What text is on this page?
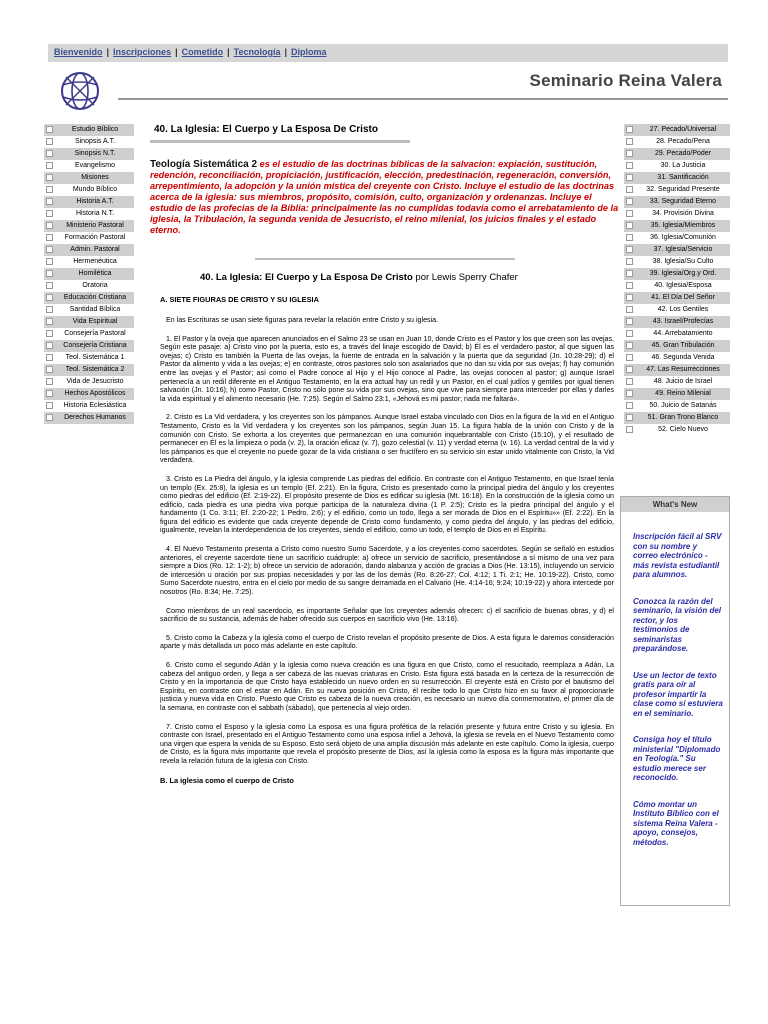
Bienvenido | Inscripciones | Cometido | Tecnología | Diploma
Seminario Reina Valera
Estudio Bíblico
Sinopsis A.T.
Sinopsis N.T.
Evangelismo
Misiones
Mundo Bíblico
Historia A.T.
Historia N.T.
Ministerio Pastoral
Formación Pastoral
Admin. Pastoral
Hermenéutica
Homilética
Oratoria
Educación Cristiana
Santidad Bíblica
Vida Espiritual
Consejería Pastoral
Consejería Cristiana
Teol. Sistemática 1
Teol. Sistemática 2
Vida de Jesucristo
Hechos Apostólicos
Historia Eclesiástica
Derechos Humanos
40. La Iglesia: El Cuerpo y La Esposa De Cristo
Teología Sistemática 2 es el estudio de las doctrinas bíblicas de la salvacion: expiación, sustitución, redención, reconciliación, propiciación, justificación, elección, predestinación, regeneración, conversión, arrepentimiento, la adopción y la unión mística del creyente con Cristo. Incluye el estudio de las doctrinas acerca de la iglesia: sus miembros, propósito, comisión, culto, organización y ordenanzas. Incluye el estudio de las profecías de la Biblia: principalmente las no cumplidas todavía como el arrebatamiento de la iglesia, la Tribulación, la segunda venida de Jesucristo, el reino milenial, los juicios finales y el estado eterno.
40. La Iglesia: El Cuerpo y La Esposa De Cristo por Lewis Sperry Chafer
A. SIETE FIGURAS DE CRISTO Y SU IGLESIA

En las Escrituras se usan siete figuras para revelar la relación entre Cristo y su iglesia.

1. El Pastor y la oveja que aparecen anunciados en el Salmo 23 se usan en Juan 10, donde Cristo es el Pastor y los que creen son las ovejas. Según este pasaje: a) Cristo vino por la puerta, esto es, a través del linaje escogido de David; b) Él es el verdadero pastor, al que siguen las ovejas; c) Cristo es también la Puerta de las ovejas, la fuente de entrada en la salvación y la puerta que da seguridad (Jn. 10:28-29); d) el Pastor da alimento y vida a las ovejas; e) en contraste, otros pastores solo son asalariados que no dan su vida por sus ovejas; f) hay comunión entre las ovejas y el Pastor; así como el Padre conoce al Hijo y el Hijo conoce al Padre, las ovejas conocen al pastor; g) aunque Israel pertenecía a un redil diferente en el Antiguo Testamento, en la era actual hay un redil y un Pastor, en el cual judíos y gentiles por igual tienen salvación (Jn. 10:16); h) como Pastor, Cristo no sólo pone su vida por sus ovejas, sino que vive para siempre para interceder por ellas y darles la vida espiritual y el alimento necesario (He. 7:25). Según el Salmo 23:1, «Jehová es mi pastor; nada me faltará».

2. Cristo es La Vid verdadera, y los creyentes son los pámpanos. Aunque Israel estaba vinculado con Dios en la figura de la vid en el Antiguo Testamento, Cristo es la Vid verdadera y los creyentes son los pámpanos, según Juan 15. La figura habla de la unión con Cristo y de la comunión con Cristo. Se exhorta a los creyentes que permanezcan en una comunión inquebrantable con Cristo (15:10), y el resultado de permanecer en Él es la limpieza o poda (v. 2), la oración eficaz (v. 7), gozo celestial (v. 11) y verdad eterna (v. 16). La verdad central de la vid y los pámpanos es que el creyente no puede gozar de la vida cristiana o ser fructífero en su servicio sin estar unido vitalmente con Cristo, la Vid verdadera.

3. Cristo es La Piedra del ángulo, y la iglesia comprende Las piedras del edificio. En contraste con el Antiguo Testamento, en que Israel tenía un templo (Ex. 25:8), la iglesia es un templo (Ef. 2:21). En la figura, Cristo es presentado como la principal piedra del ángulo y los creyentes como piedras del edificio (Ef. 2:19-22). El propósito presente de Dios es edificar su iglesia (Mt. 16:18). En la construcción de la iglesia como un edificio, cada piedra es una piedra viva porque participa de la naturaleza divina (1 P. 2:5); Cristo es la piedra principal del ángulo y el fundamento (1 Co. 3:11; Ef. 2:20-22; 1 Pedro. 2:6); y el edificio, como un todo, llega a ser morada de Dios en el Espíritu»» (Ef. 2:22). En la figura del edificio es evidente que cada creyente depende de Cristo como fundamento, y como piedra del ángulo, y las piedras del edificio, igualmente, revelan la interdependencia de los creyentes, siendo el edificio, como un todo, el templo de Dios en el Espíritu.

4. El Nuevo Testamento presenta a Cristo como nuestro Sumo Sacerdote, y a los creyentes como sacerdotes. Según se señaló en estudios anteriores, el creyente sacerdote tiene un sacrificio cuádruple: a) ofrece un servicio de sacrificio, presentándose a sí mismo de una vez para siempre a Dios (Ro. 12: 1-2); b) ofrece un servicio de adoración, dando alabanza y acción de gracias a Dios (He. 13:15), incluyendo un servicio de intercesión u oración por sus propias necesidades y por las de los demás (Ro. 8:26-27; Col. 4:12; 1 Ti. 2:1; He. 10:19-22). Cristo, como Sumo Sacerdote nuestro, entra en el cielo por medio de su sangre derramada en el Calvario (He. 4:14-16; 9:24; 10:19-22) y ahora intercede por nosotros (Ro. 8:34; He. 7:25).

Como miembros de un real sacerdocio, es importante Señalar que los creyentes además ofrecen: c) el sacrificio de buenas obras, y d) el sacrificio de su sustancia, además de haber ofrecido sus cuerpos en sacrificio vivo (He. 13:16).

5. Cristo como la Cabeza y la iglesia como el cuerpo de Cristo revelan el propósito presente de Dios. A esta figura le daremos consideración aparte y más detallada un poco más adelante en este capítulo.

6. Cristo como el segundo Adán y la iglesia como nueva creación es una figura en que Cristo, como el resucitado, reemplaza a Adán, La cabeza del antiguo orden, y llega a ser cabeza de las nuevas criaturas en Cristo. Esta figura está basada en la certeza de la resurrección de Cristo y en la importancia de que Cristo haya establecido un nuevo orden en su resurrección. El creyente está en Cristo por el bautismo del Espíritu, en contraste con el estar en Adán. En su nueva posición en Cristo, él recibe todo lo que Cristo hizo en su favor al proporcionarle justicia y nueva vida en Cristo. Puesto que Cristo es cabeza de la nueva creación, es necesario un nuevo día conmemorativo, el primer día de la semana, en contraste con el sabbath (sábado), que pertenecía al viejo orden.

7. Cristo como el Esposo y la iglesia como La esposa es una figura profética de la relación presente y futura entre Cristo y su iglesia. En contraste con Israel, presentado en el Antiguo Testamento como una esposa infiel a Jehová, la iglesia se revela en el Nuevo Testamento como una virgen que espera la venida de su Esposo. Esto será objeto de una amplia discusión más adelante en este capítulo. Como la iglesia, cuerpo de Cristo, es la figura más importante que revela el propósito presente de Dios, así la iglesia como la esposa es la figura más importante que revela la relación futura de la iglesia con Cristo.

B. La iglesia como el cuerpo de Cristo
27. Pecado/Universal
28. Pecado/Pena
29. Pecado/Poder
30. La Justicia
31. Santificación
32. Seguridad Presente
33. Seguridad Eterno
34. Provisión Divina
35. Iglesia/Miembros
36. Iglesia/Comunión
37. Iglesia/Servicio
38. Iglesia/Su Culto
39. Iglesia/Org.y Ord.
40. Iglesia/Esposa
41. El Día Del Señor
42. Los Gentiles
43. Israel/Profecías
44. Arrebatamiento
45. Gran Tribulación
46. Segunda Venida
47. Las Resurrecciones
48. Juicio de Israel
49. Reino Milenial
50. Juicio de Satanás
51. Gran Trono Blanco
52. Cielo Nuevo
What's New

Inscripción fácil al SRV con su nombre y correo electrónico - más revista estudiantil para alumnos.

Conozca la razón del seminario, la visión del rector, y los testimonios de seminaristas preparándose.

Use un lector de texto gratis para oír al profesor impartir la clase como si estuviera en el seminario.

Consiga hoy el título ministerial "Diplomado en Teología." Su estudio merece ser reconocido.

Cómo montar un Instituto Bíblico con el sistema Reina Valera - apoyo, consejos, métodos.
